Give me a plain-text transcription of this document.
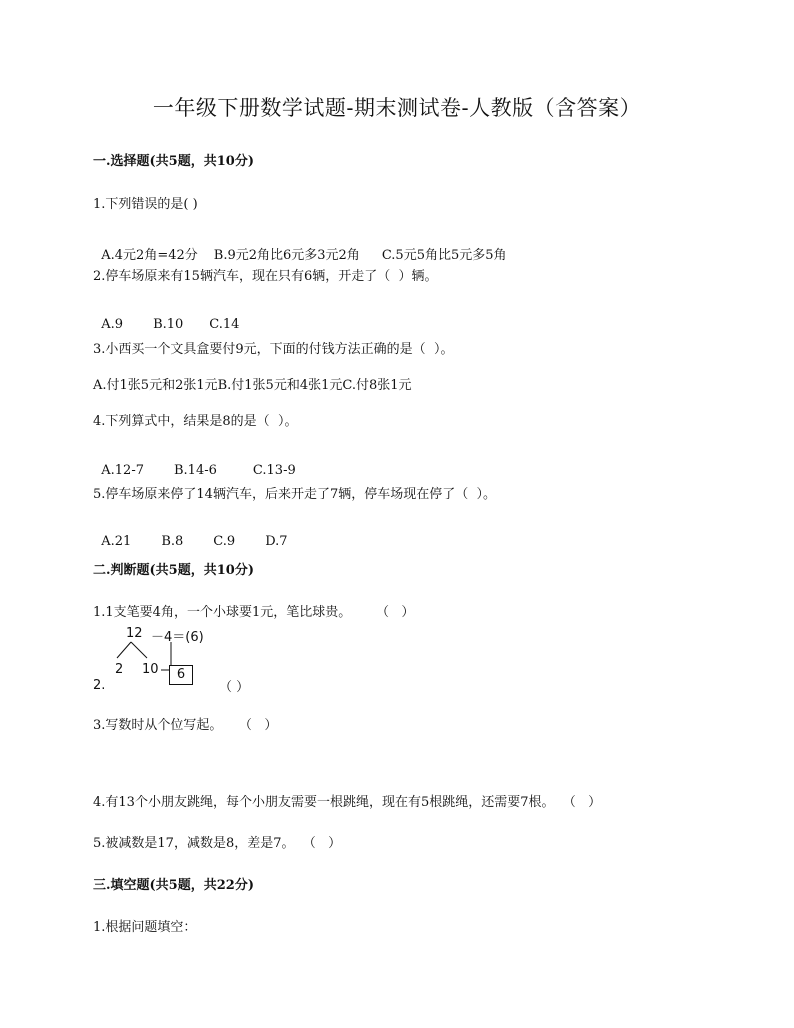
一年级下册数学试题-期末测试卷-人教版（含答案）
一.选择题(共5题，共10分)
1.下列错误的是( )

A.4元2角=42分 B.9元2角比6元多3元2角 C.5元5角比5元多5角

2.停车场原来有15辆汽车，现在只有6辆，开走了（  ）辆。

A.9 B.10 C.14

3.小西买一个文具盒要付9元，下面的付钱方法正确的是（  ）。
A.付1张5元和2张1元B.付1张5元和4张1元C.付8张1元
4.下列算式中，结果是8的是（  ）。

A.12-7 B.14-6	C.13-9

5.停车场原来停了14辆汽车，后来开走了7辆，停车场现在停了（  ）。

A.21 B.8 C.9 D.7

二.判断题(共5题，共10分)
1.1支笔要4角，一个小球要1元，笔比球贵。      （   ）
12 －4＝(6)
2 10	6
2.	（ ）
3.写数时从个位写起。    （   ）
4.有13个小朋友跳绳，每个小朋友需要一根跳绳，现在有5根跳绳，还需要7根。  （   ）
5.被减数是17，减数是8，差是7。  （   ）
三.填空题(共5题，共22分)
1.根据问题填空：
